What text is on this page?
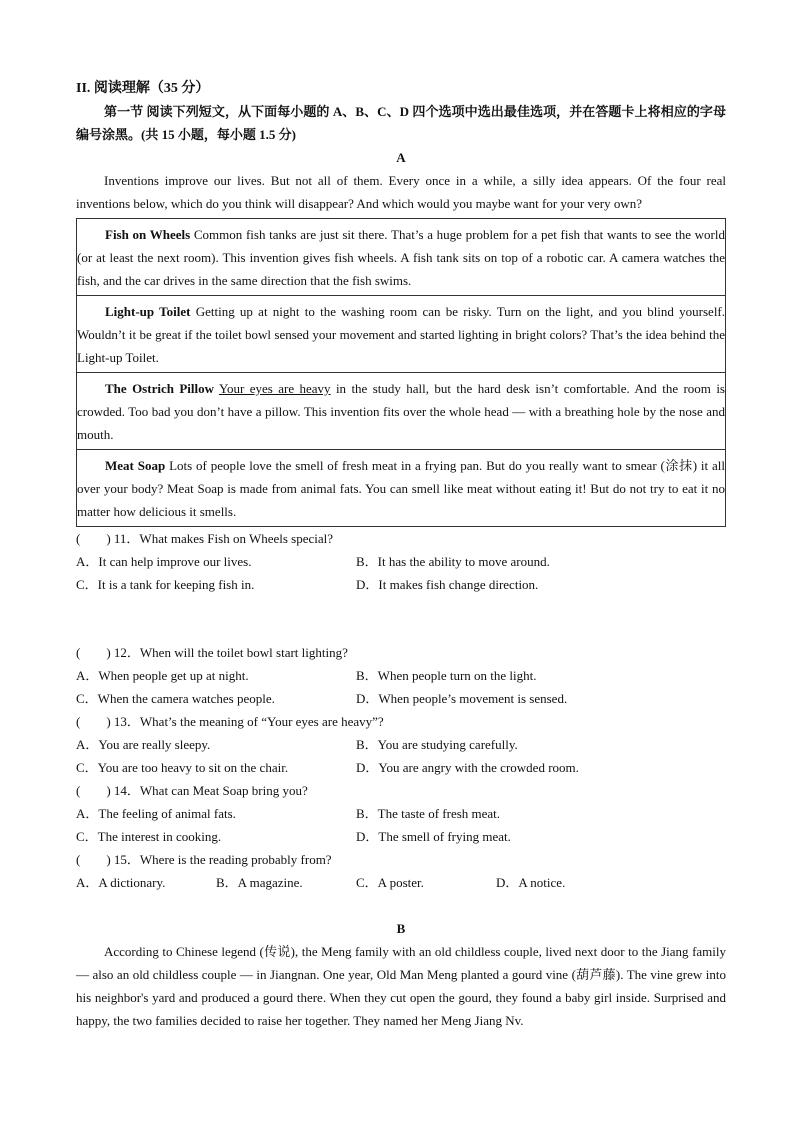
II. 阅读理解（35 分）
第一节 阅读下列短文，从下面每小题的 A、B、C、D 四个选项中选出最佳选项，并在答题卡上将相应的字母编号涂黑。(共 15 小题，每小题 1.5 分)
A
Inventions improve our lives. But not all of them. Every once in a while, a silly idea appears. Of the four real inventions below, which do you think will disappear? And which would you maybe want for your very own?
Fish on Wheels Common fish tanks are just sit there. That’s a huge problem for a pet fish that wants to see the world (or at least the next room). This invention gives fish wheels. A fish tank sits on top of a robotic car. A camera watches the fish, and the car drives in the same direction that the fish swims.
Light-up Toilet Getting up at night to the washing room can be risky. Turn on the light, and you blind yourself. Wouldn’t it be great if the toilet bowl sensed your movement and started lighting in bright colors? That’s the idea behind the Light-up Toilet.
The Ostrich Pillow Your eyes are heavy in the study hall, but the hard desk isn’t comfortable. And the room is crowded. Too bad you don’t have a pillow. This invention fits over the whole head — with a breathing hole by the nose and mouth.
Meat Soap Lots of people love the smell of fresh meat in a frying pan. But do you really want to smear (涂抹) it all over your body? Meat Soap is made from animal fats. You can smell like meat without eating it! But do not try to eat it no matter how delicious it smells.
(　　) 11．What makes Fish on Wheels special?
A．It can help improve our lives.	B．It has the ability to move around.
C．It is a tank for keeping fish in.	D．It makes fish change direction.
(　　) 12．When will the toilet bowl start lighting?
A．When people get up at night.	B．When people turn on the light.
C．When the camera watches people.	D．When people’s movement is sensed.
(　　) 13．What’s the meaning of “Your eyes are heavy”?
A．You are really sleepy.	B．You are studying carefully.
C．You are too heavy to sit on the chair.	D．You are angry with the crowded room.
(　　) 14．What can Meat Soap bring you?
A．The feeling of animal fats.	B．The taste of fresh meat.
C．The interest in cooking.	D．The smell of frying meat.
(　　) 15．Where is the reading probably from?
A．A dictionary.	B．A magazine.	C．A poster.	D．A notice.
B
According to Chinese legend (传说), the Meng family with an old childless couple, lived next door to the Jiang family — also an old childless couple — in Jiangnan. One year, Old Man Meng planted a gourd vine (葫芦藤). The vine grew into his neighbor's yard and produced a gourd there. When they cut open the gourd, they found a baby girl inside. Surprised and happy, the two families decided to raise her together. They named her Meng Jiang Nv.
